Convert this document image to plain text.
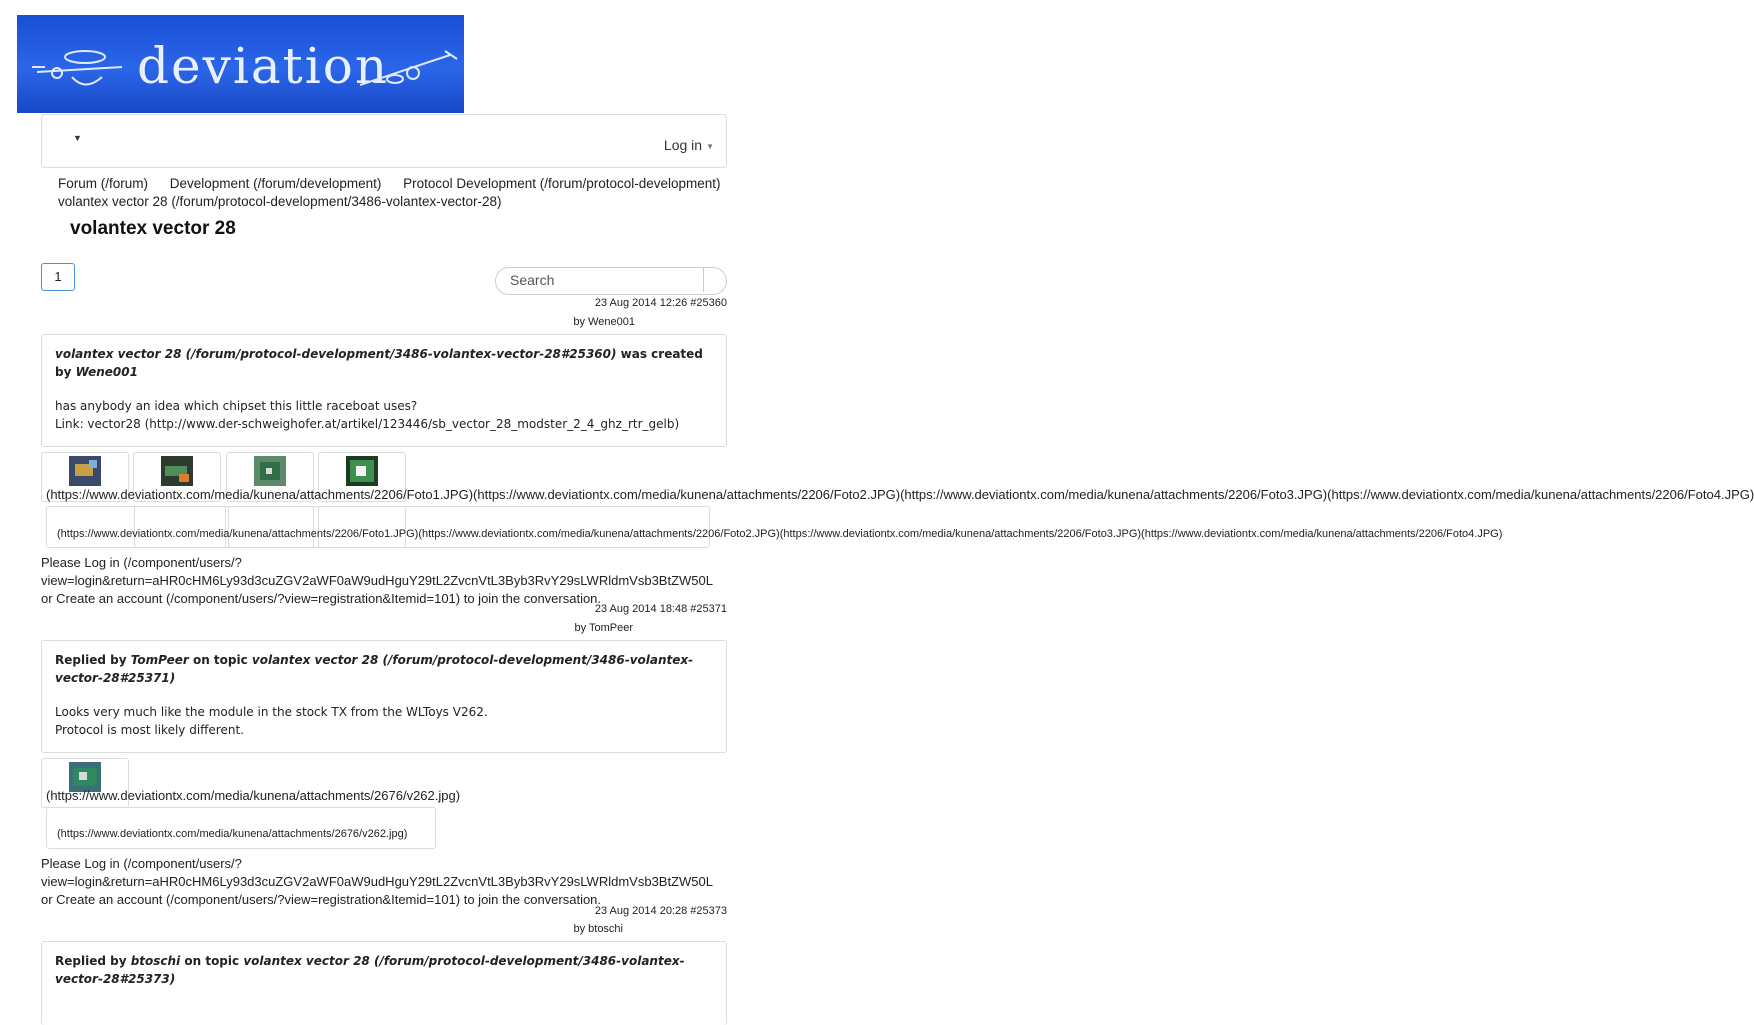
deviation
▼	Log in ▼
Forum (/forum) Development (/forum/development) Protocol Development (/forum/protocol-development)
volantex vector 28 (/forum/protocol-development/3486-volantex-vector-28)
volantex vector 28
1
Search
23 Aug 2014 12:26 #25360
by Wene001
volantex vector 28 (/forum/protocol-development/3486-volantex-vector-28#25360) was created by Wene001
has anybody an idea which chipset this little raceboat uses?
Link: vector28 (http://www.der-schweighofer.at/artikel/123446/sb_vector_28_modster_2_4_ghz_rtr_gelb)
(https://www.deviationtx.com/media/kunena/attachments/2206/Foto1.JPG)(https://www.deviationtx.com/media/kunena/attachments/2206/Foto2.JPG)(https://www.deviationtx.com/media/kunena/attachments/2206/Foto3.JPG)(https://www.deviationtx.com/media/kunena/attachments/2206/Foto4.JPG)
(https://www.deviationtx.com/media/kunena/attachments/2206/Foto1.JPG)(https://www.deviationtx.com/media/kunena/attachments/2206/Foto2.JPG)(https://www.deviationtx.com/media/kunena/attachments/2206/Foto3.JPG)(https://www.deviationtx.com/media/kunena/attachments/2206/Foto4.JPG)
Please Log in (/component/users/?
view=login&return=aHR0cHM6Ly93d3cuZGV2aWF0aW9udHguY29tL2ZvcnVtL3Byb3RvY29sLWRldmVsb3BtZW50L
or Create an account (/component/users/?view=registration&Itemid=101) to join the conversation.
23 Aug 2014 18:48 #25371
by TomPeer
Replied by TomPeer on topic volantex vector 28 (/forum/protocol-development/3486-volantex-vector-28#25371)
Looks very much like the module in the stock TX from the WLToys V262.
Protocol is most likely different.
(https://www.deviationtx.com/media/kunena/attachments/2676/v262.jpg)
(https://www.deviationtx.com/media/kunena/attachments/2676/v262.jpg)
Please Log in (/component/users/?
view=login&return=aHR0cHM6Ly93d3cuZGV2aWF0aW9udHguY29tL2ZvcnVtL3Byb3RvY29sLWRldmVsb3BtZW50L
or Create an account (/component/users/?view=registration&Itemid=101) to join the conversation.
23 Aug 2014 20:28 #25373
by btoschi
Replied by btoschi on topic volantex vector 28 (/forum/protocol-development/3486-volantex-vector-28#25373)
